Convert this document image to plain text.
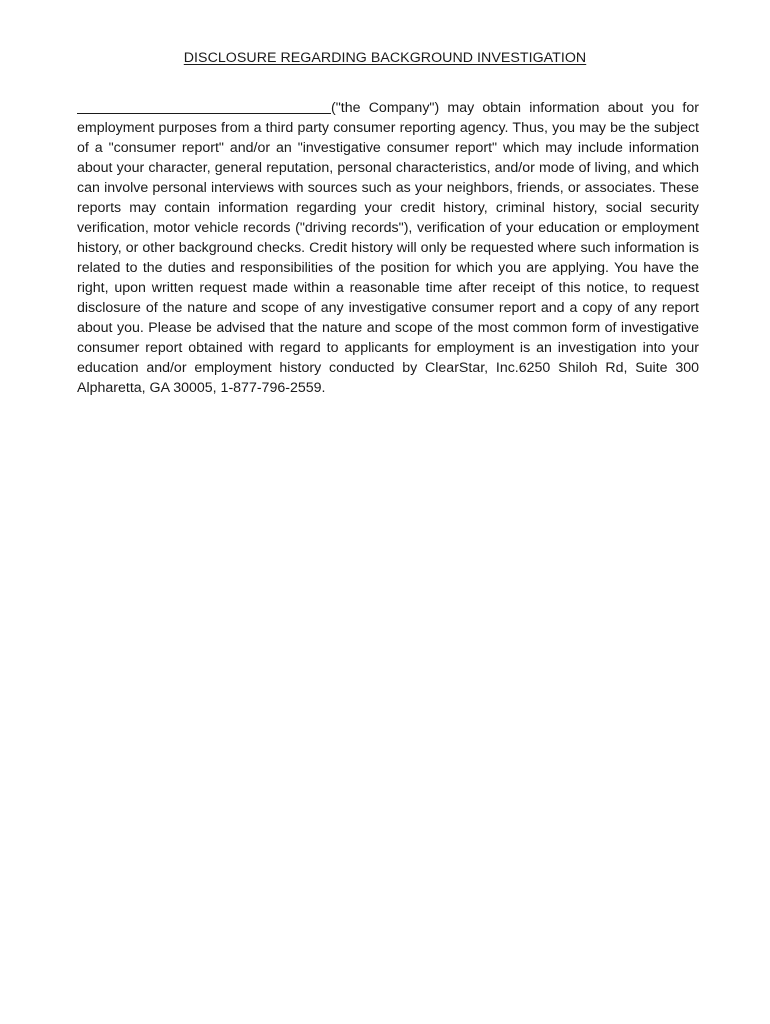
DISCLOSURE REGARDING BACKGROUND INVESTIGATION

("the Company") may obtain information about you for employment purposes from a third party consumer reporting agency. Thus, you may be the subject of a "consumer report" and/or an "investigative consumer report" which may include information about your character, general reputation, personal characteristics, and/or mode of living, and which can involve personal interviews with sources such as your neighbors, friends, or associates. These reports may contain information regarding your credit history, criminal history, social security verification, motor vehicle records ("driving records"), verification of your education or employment history, or other background checks. Credit history will only be requested where such information is related to the duties and responsibilities of the position for which you are applying. You have the right, upon written request made within a reasonable time after receipt of this notice, to request disclosure of the nature and scope of any investigative consumer report and a copy of any report about you. Please be advised that the nature and scope of the most common form of investigative consumer report obtained with regard to applicants for employment is an investigation into your education and/or employment history conducted by ClearStar, Inc.6250 Shiloh Rd, Suite 300 Alpharetta, GA 30005, 1-877-796-2559.
